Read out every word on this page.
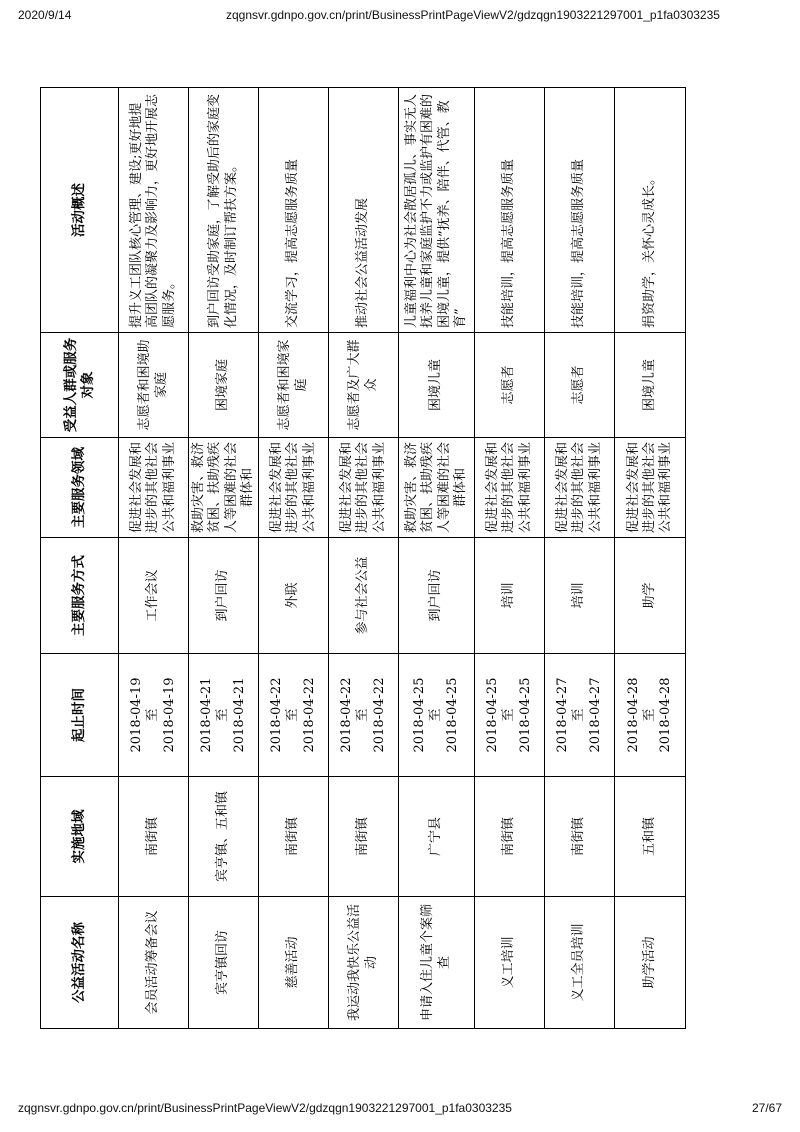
2020/9/14	zqgnsvr.gdnpo.gov.cn/print/BusinessPrintPageViewV2/gdzqgn1903221297001_p1fa0303235
公益活动名称	实施地域	起止时间	主要服务方式	主要服务领域	受益人群或服务对象	活动概述
会员活动筹备会议	南街镇	2018-04-19 至 2018-04-19	工作会议	促进社会发展和进步的其他社会公共和福利事业	志愿者和困境助家庭	提升义工团队核心管理、建设;更好地提高团队的凝聚力及影响力，更好地开展志愿服务。
宾亨镇回访	宾亨镇、五和镇	2018-04-21 至 2018-04-21	到户回访	救助灾害、救济贫困、扶助残疾人等困难的社会群体和	困境家庭	到户回访受助家庭，了解受助后的家庭变化情况，及时制订帮扶方案。
慈善活动	南街镇	2018-04-22 至 2018-04-22	外联	促进社会发展和进步的其他社会公共和福利事业	志愿者和困境家庭	交流学习，提高志愿服务质量
我运动我快乐公益活动	南街镇	2018-04-22 至 2018-04-22	参与社会公益	促进社会发展和进步的其他社会公共和福利事业	志愿者及广大群众	推动社会公益活动发展
申请入住儿童个案筛查	广宁县	2018-04-25 至 2018-04-25	到户回访	救助灾害、救济贫困、扶助残疾人等困难的社会群体和	困境儿童	儿童福利中心为社会散居孤儿、事实无人抚养儿童和家庭监护不力或监护有困难的困境儿童，提供”抚养、陪伴、代管、教育”
义工培训	南街镇	2018-04-25 至 2018-04-25	培训	促进社会发展和进步的其他社会公共和福利事业	志愿者	技能培训，提高志愿服务质量
义工全员培训	南街镇	2018-04-27 至 2018-04-27	培训	促进社会发展和进步的其他社会公共和福利事业	志愿者	技能培训，提高志愿服务质量
助学活动	五和镇	2018-04-28 至 2018-04-28	助学	促进社会发展和进步的其他社会公共和福利事业	困境儿童	捐资助学，关怀心灵成长。
zqgnsvr.gdnpo.gov.cn/print/BusinessPrintPageViewV2/gdzqgn1903221297001_p1fa0303235	27/67
